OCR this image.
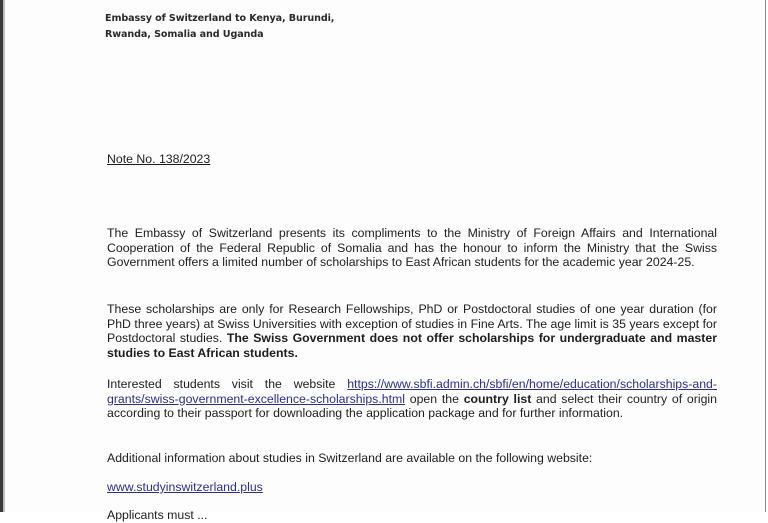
Embassy of Switzerland to Kenya, Burundi,
Rwanda, Somalia and Uganda
Note No. 138/2023

The Embassy of Switzerland presents its compliments to the Ministry of Foreign Affairs and International Cooperation of the Federal Republic of Somalia and has the honour to inform the Ministry that the Swiss Government offers a limited number of scholarships to East African students for the academic year 2024-25.

These scholarships are only for Research Fellowships, PhD or Postdoctoral studies of one year duration (for PhD three years) at Swiss Universities with exception of studies in Fine Arts. The age limit is 35 years except for Postdoctoral studies. The Swiss Government does not offer scholarships for undergraduate and master studies to East African students.

Interested students visit the website https://www.sbfi.admin.ch/sbfi/en/home/education/scholarships-and-grants/swiss-government-excellence-scholarships.html open the country list and select their country of origin according to their passport for downloading the application package and for further information.

Additional information about studies in Switzerland are available on the following website:

www.studyinswitzerland.plus

Applicants must ...
